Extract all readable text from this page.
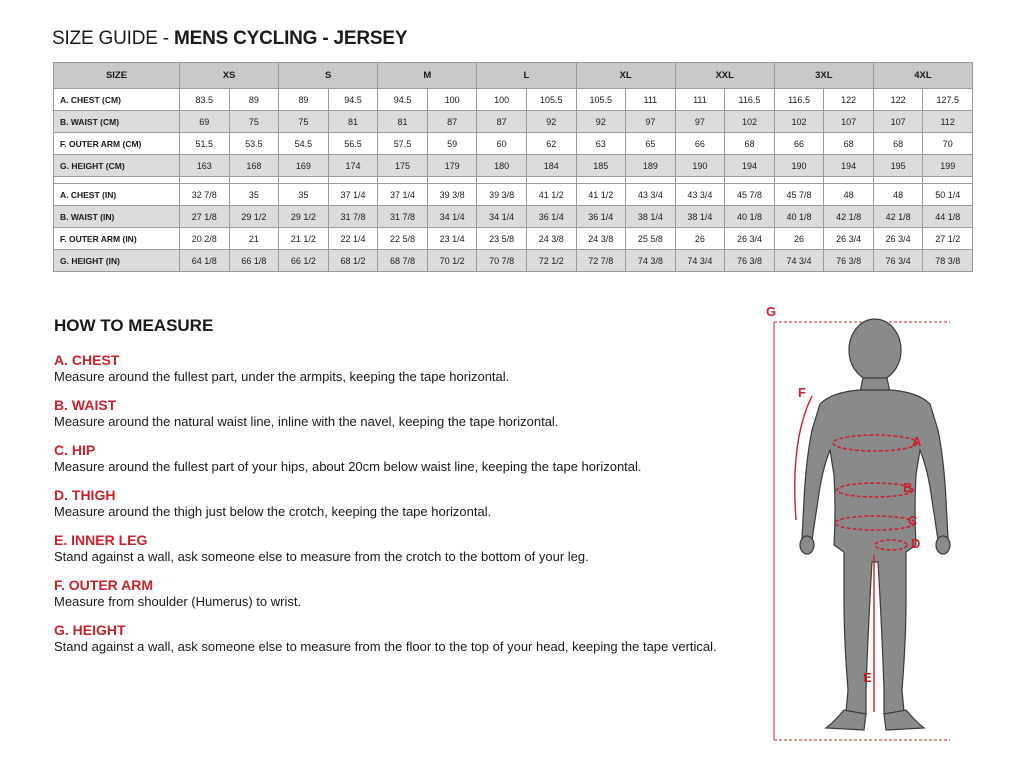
SIZE GUIDE - MENS CYCLING - JERSEY
SIZE	XS		S		M		L		XL		XXL		3XL		4XL	
A. CHEST (CM)	83.5	89	89	94.5	94.5	100	100	105.5	105.5	111	111	116.5	116.5	122	122	127.5
B. WAIST (CM)	69	75	75	81	81	87	87	92	92	97	97	102	102	107	107	112
F. OUTER ARM (CM)	51.5	53.5	54.5	56.5	57.5	59	60	62	63	65	66	68	66	68	68	70
G. HEIGHT (CM)	163	168	169	174	175	179	180	184	185	189	190	194	190	194	195	199

A. CHEST (IN)	32 7/8	35	35	37 1/4	37 1/4	39 3/8	39 3/8	41 1/2	41 1/2	43 3/4	43 3/4	45 7/8	45 7/8	48	48	50 1/4
B. WAIST (IN)	27 1/8	29 1/2	29 1/2	31 7/8	31 7/8	34 1/4	34 1/4	36 1/4	36 1/4	38 1/4	38 1/4	40 1/8	40 1/8	42 1/8	42 1/8	44 1/8
F. OUTER ARM (IN)	20 2/8	21	21 1/2	22 1/4	22 5/8	23 1/4	23 5/8	24 3/8	24 3/8	25 5/8	26	26 3/4	26	26 3/4	26 3/4	27 1/2
G. HEIGHT (IN)	64 1/8	66 1/8	66 1/2	68 1/2	68 7/8	70 1/2	70 7/8	72 1/2	72 7/8	74 3/8	74 3/4	76 3/8	74 3/4	76 3/8	76 3/4	78 3/8
HOW TO MEASURE
A. CHEST
Measure around the fullest part, under the armpits, keeping the tape horizontal.
B. WAIST
Measure around the natural waist line, inline with the navel, keeping the tape horizontal.
C. HIP
Measure around the fullest part of your hips, about 20cm below waist line, keeping the tape horizontal.
D. THIGH
Measure around the thigh just below the crotch, keeping the tape horizontal.
E. INNER LEG
Stand against a wall, ask someone else to measure from the crotch to the bottom of your leg.
F. OUTER ARM
Measure from shoulder (Humerus) to wrist.
G. HEIGHT
Stand against a wall, ask someone else to measure from the floor to the top of your head, keeping the tape vertical.
G
F
A
B
C
D
E
